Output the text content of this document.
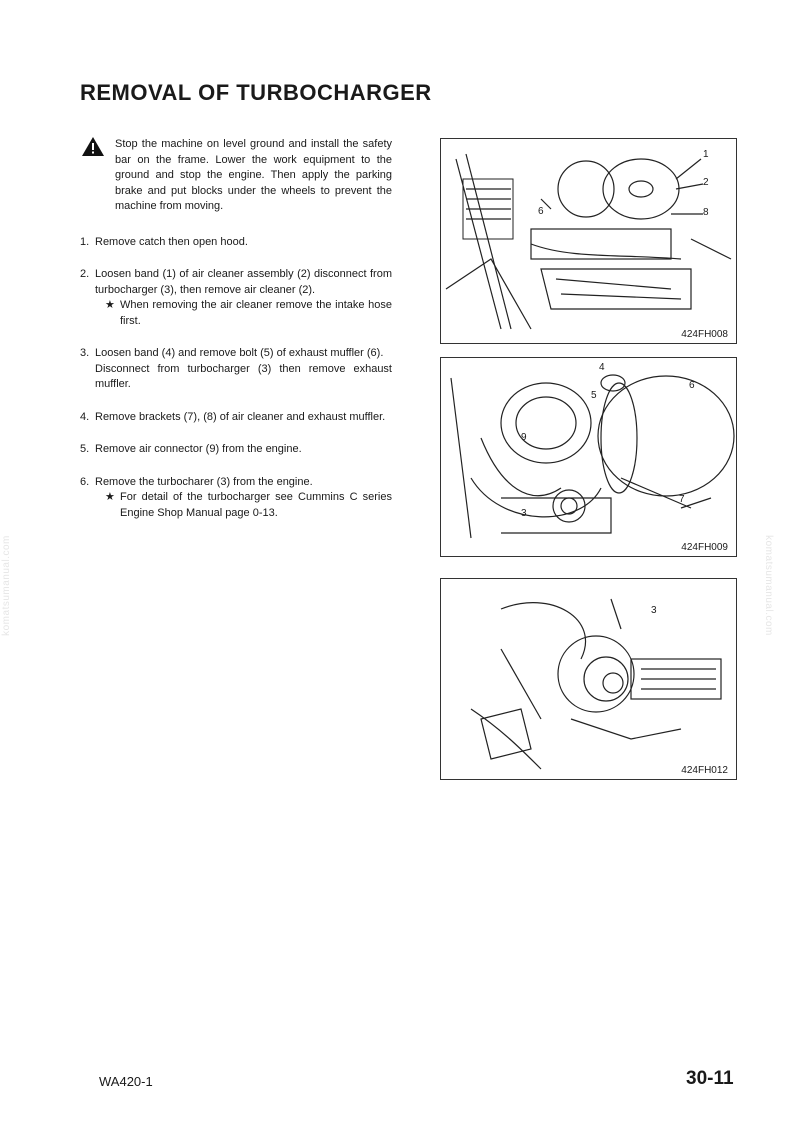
REMOVAL OF TURBOCHARGER
Stop the machine on level ground and install the safety bar on the frame. Lower the work equipment to the ground and stop the engine. Then apply the parking brake and put blocks under the wheels to prevent the machine from moving.
1. Remove catch then open hood.
2. Loosen band (1) of air cleaner assembly (2) disconnect from turbocharger (3), then remove air cleaner (2).
★ When removing the air cleaner remove the intake hose first.
3. Loosen band (4) and remove bolt (5) of exhaust muffler (6).
Disconnect from turbocharger (3) then remove exhaust muffler.
4. Remove brackets (7), (8) of air cleaner and exhaust muffler.
5. Remove air connector (9) from the engine.
6. Remove the turbocharer (3) from the engine.
★ For detail of the turbocharger see Cummins C series Engine Shop Manual page 0-13.
1
2
6	8
424FH008
4
5
6
9
3
7
424FH009
3
424FH012
komatsumanual.com	komatsumanual.com
WA420-1	30-11
